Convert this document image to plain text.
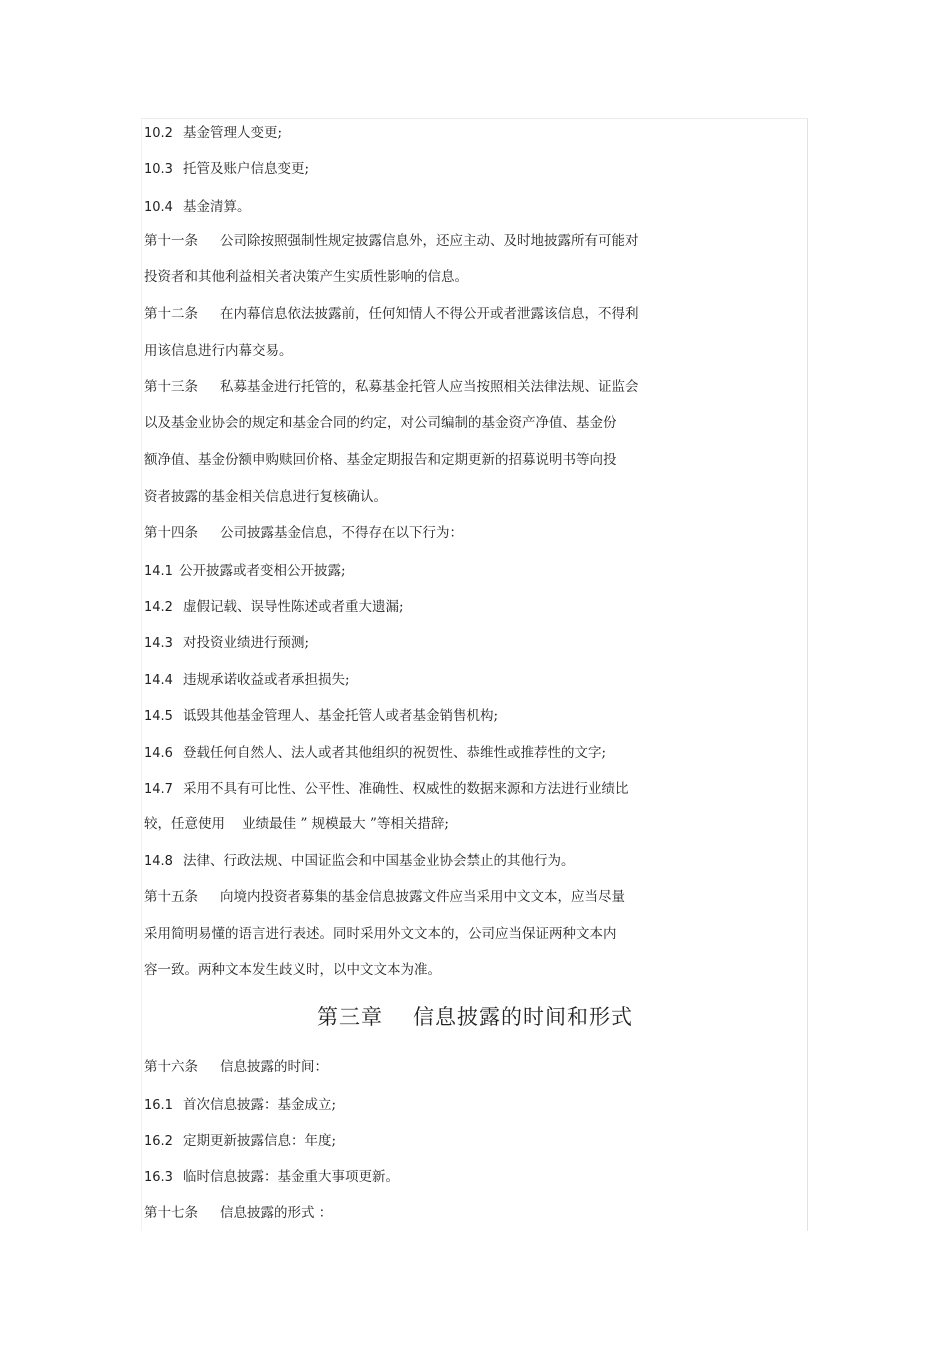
10.2 基金管理人变更;
10.3 托管及账户信息变更;
10.4 基金清算。
第十一条 公司除按照强制性规定披露信息外，还应主动、及时地披露所有可能对
投资者和其他利益相关者决策产生实质性影响的信息。
第十二条 在内幕信息依法披露前，任何知情人不得公开或者泄露该信息，不得利
用该信息进行内幕交易。
第十三条 私募基金进行托管的，私募基金托管人应当按照相关法律法规、证监会
以及基金业协会的规定和基金合同的约定，对公司编制的基金资产净值、基金份
额净值、基金份额申购赎回价格、基金定期报告和定期更新的招募说明书等向投
资者披露的基金相关信息进行复核确认。
第十四条 公司披露基金信息，不得存在以下行为：
14.1 公开披露或者变相公开披露;
14.2 虚假记载、误导性陈述或者重大遗漏;
14.3 对投资业绩进行预测;
14.4 违规承诺收益或者承担损失;
14.5 诋毁其他基金管理人、基金托管人或者基金销售机构;
14.6 登载任何自然人、法人或者其他组织的祝贺性、恭维性或推荐性的文字;
14.7 采用不具有可比性、公平性、准确性、权威性的数据来源和方法进行业绩比
较，任意使用    业绩最佳 ” 规模最大 ”等相关措辞;
14.8 法律、行政法规、中国证监会和中国基金业协会禁止的其他行为。
第十五条 向境内投资者募集的基金信息披露文件应当采用中文文本，应当尽量
采用简明易懂的语言进行表述。同时采用外文文本的，公司应当保证两种文本内
容一致。两种文本发生歧义时，以中文文本为准。
第三章 信息披露的时间和形式
第十六条 信息披露的时间：
16.1 首次信息披露：基金成立;
16.2 定期更新披露信息：年度;
16.3 临时信息披露：基金重大事项更新。
第十七条 信息披露的形式 ：
